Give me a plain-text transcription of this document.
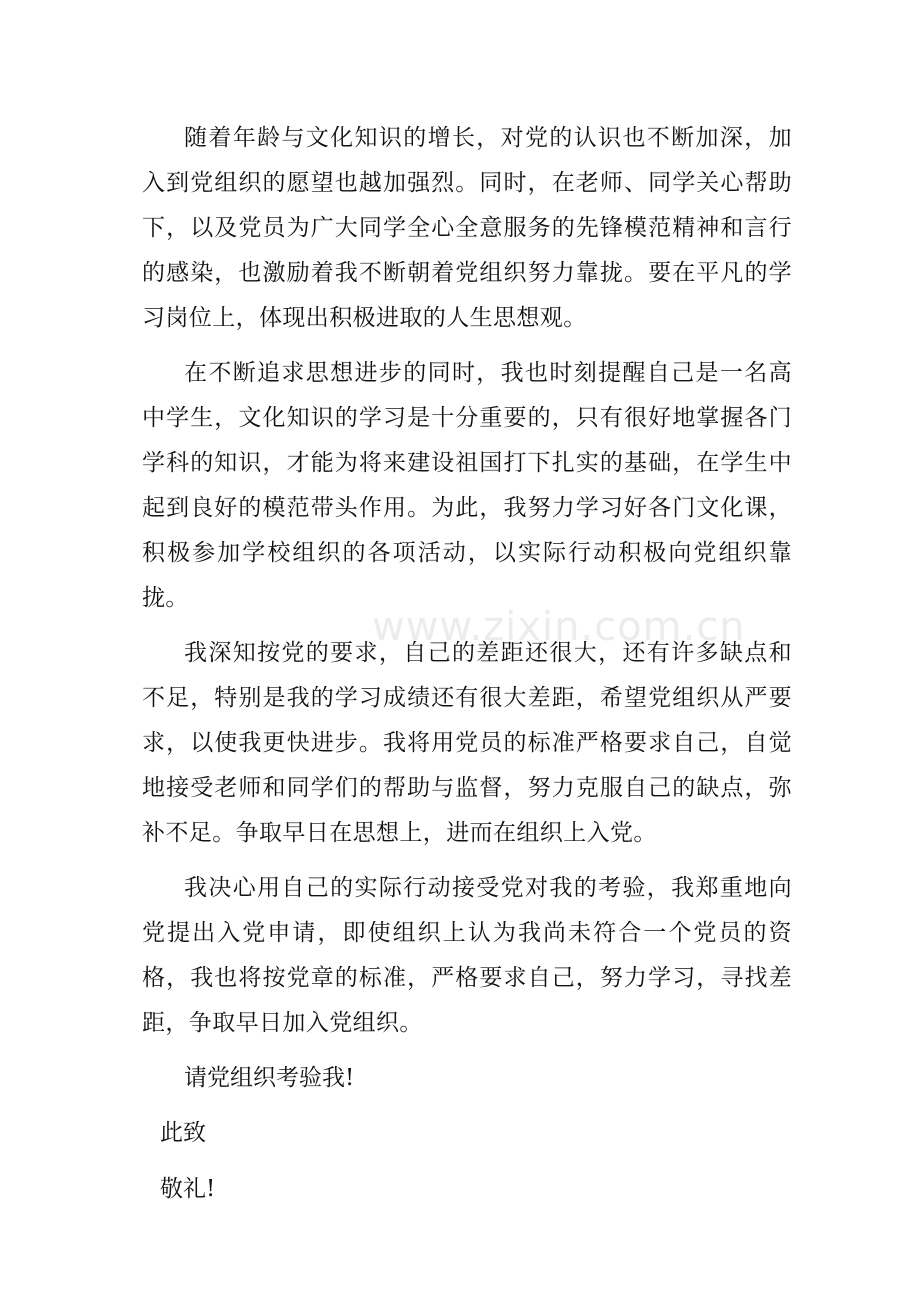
www.zixin.com.cn

随着年龄与文化知识的增长，对党的认识也不断加深，加入到党组织的愿望也越加强烈。同时，在老师、同学关心帮助下，以及党员为广大同学全心全意服务的先锋模范精神和言行的感染，也激励着我不断朝着党组织努力靠拢。要在平凡的学习岗位上，体现出积极进取的人生思想观。

在不断追求思想进步的同时，我也时刻提醒自己是一名高中学生，文化知识的学习是十分重要的，只有很好地掌握各门学科的知识，才能为将来建设祖国打下扎实的基础，在学生中起到良好的模范带头作用。为此，我努力学习好各门文化课，积极参加学校组织的各项活动，以实际行动积极向党组织靠拢。

我深知按党的要求，自己的差距还很大，还有许多缺点和不足，特别是我的学习成绩还有很大差距，希望党组织从严要求，以使我更快进步。我将用党员的标准严格要求自己，自觉地接受老师和同学们的帮助与监督，努力克服自己的缺点，弥补不足。争取早日在思想上，进而在组织上入党。

我决心用自己的实际行动接受党对我的考验，我郑重地向党提出入党申请，即使组织上认为我尚未符合一个党员的资格，我也将按党章的标准，严格要求自己，努力学习，寻找差距，争取早日加入党组织。

请党组织考验我!

此致

敬礼!
